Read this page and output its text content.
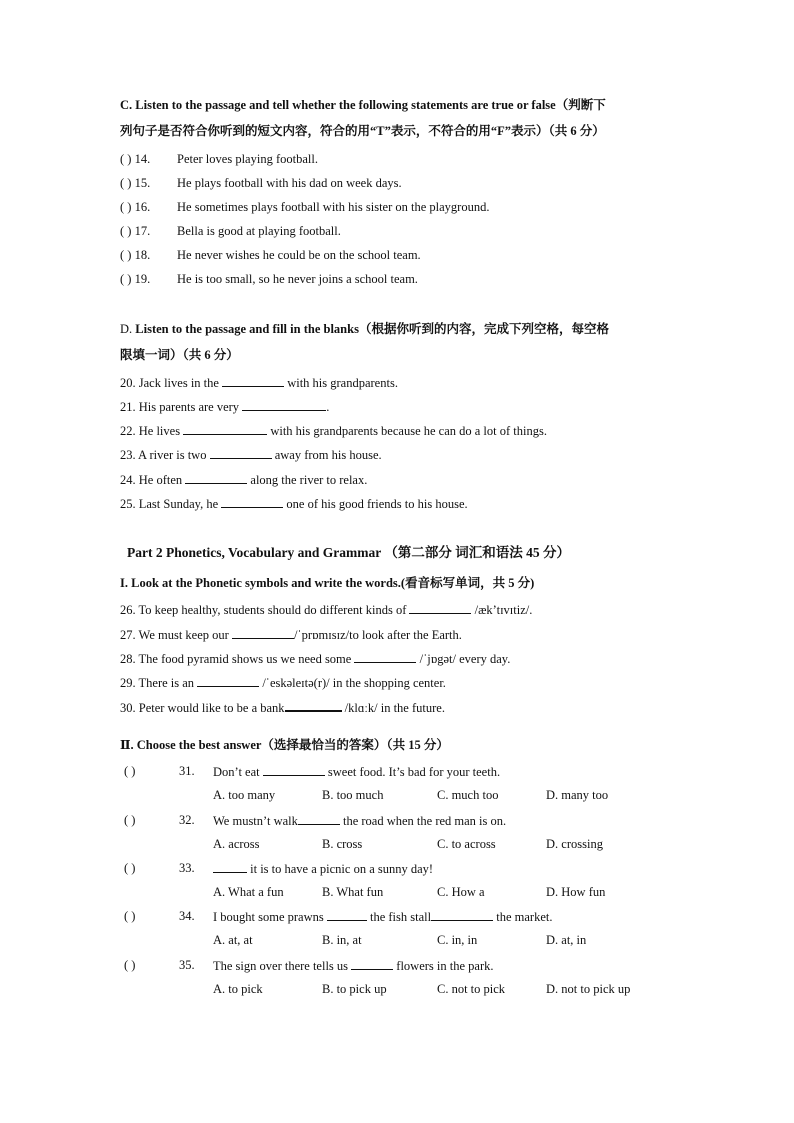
C. Listen to the passage and tell whether the following statements are true or false（判断下
列句子是否符合你听到的短文内容，符合的用“T”表示，不符合的用“F”表示）（共 6 分）
( ) 14. Peter loves playing football.
( ) 15. He plays football with his dad on week days.
( ) 16. He sometimes plays football with his sister on the playground.
( ) 17. Bella is good at playing football.
( ) 18. He never wishes he could be on the school team.
( ) 19. He is too small, so he never joins a school team.
D. Listen to the passage and fill in the blanks（根据你听到的内容，完成下列空格，每空格
限填一词）（共 6 分）
20. Jack lives in the	with his grandparents.
21. His parents are very	.
22. He lives	with his grandparents because he can do a lot of things.
23. A river is two	away from his house.
24. He often	along the river to relax.
25. Last Sunday, he	one of his good friends to his house.
Part 2 Phonetics, Vocabulary and Grammar （第二部分 词汇和语法 45 分）
I. Look at the Phonetic symbols and write the words.(看音标写单词，共 5 分)
26. To keep healthy, students should do different kinds of	/æk’tɪvɪtiz/.
27. We must keep our	/ˈprɒmɪsɪz/to look after the Earth.
28. The food pyramid shows us we need some	/ˈjɒgət/ every day.
29. There is an	/ˈeskəleɪtə(r)/ in the shopping center.
30. Peter would like to be a bank	/klɑːk/ in the future.
Ⅱ. Choose the best answer（选择最恰当的答案）（共 15 分）
( )	31. Don’t eat	sweet food. It’s bad for your teeth.
A. too many	B. too much	C. much too	D. many too
( )	32. We mustn’t walk	the road when the red man is on.
A. across	B. cross	C. to across	D. crossing
( )	33.	it is to have a picnic on a sunny day!
A. What a fun	B. What fun	C. How a	D. How fun
( )	34. I bought some prawns	the fish stall	the market.
A. at, at	B. in, at	C. in, in	D. at, in
( )	35. The sign over there tells us	flowers in the park.
A. to pick	B. to pick up	C. not to pick	D. not to pick up
